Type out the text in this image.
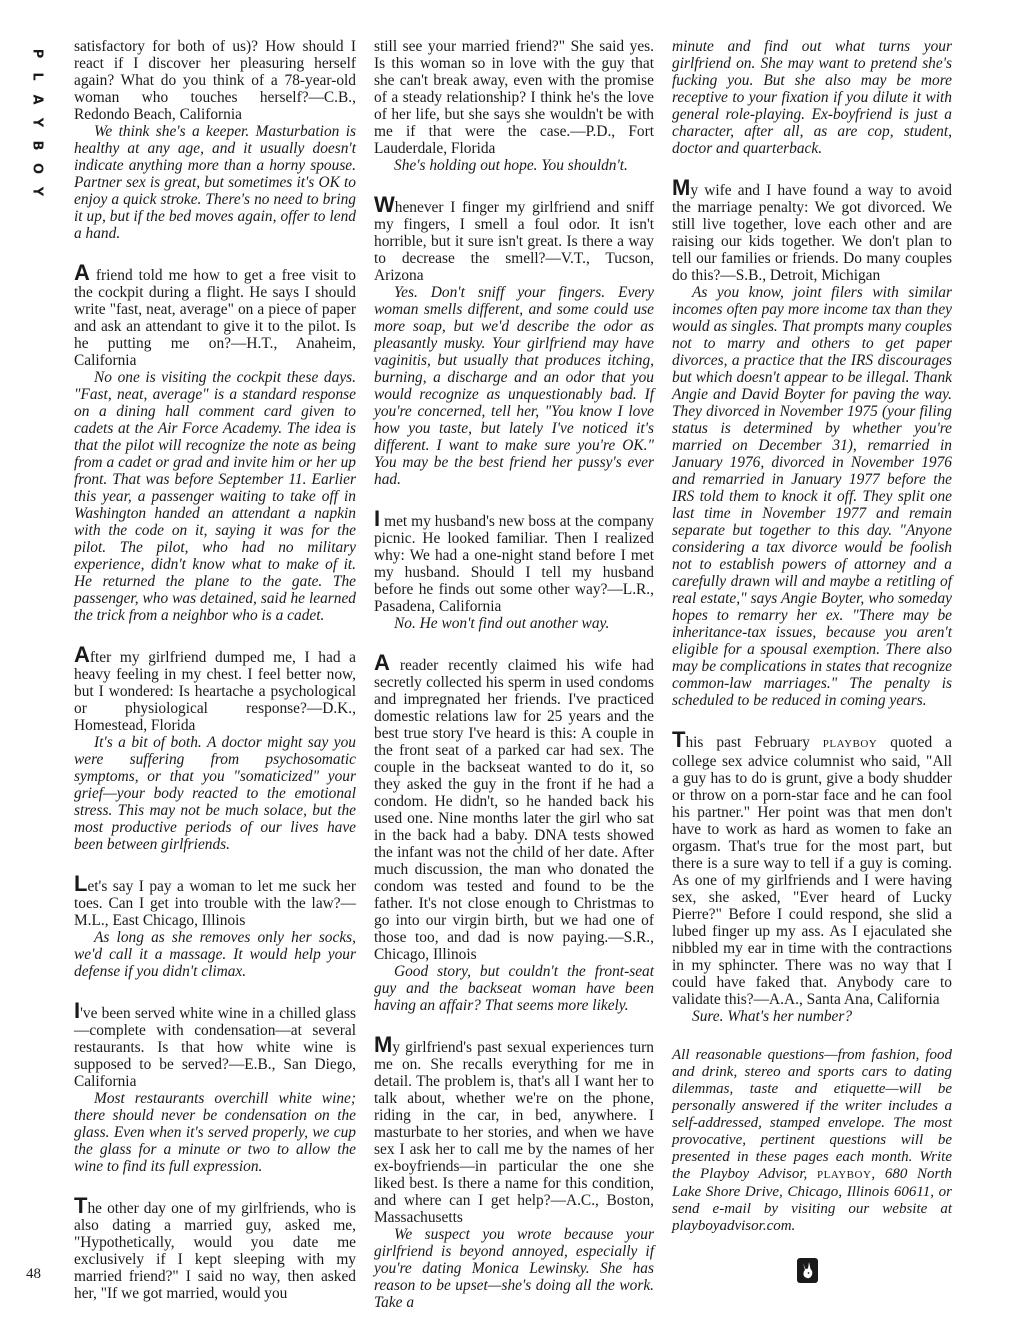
P
L
A
Y
B
O
Y
48

satisfactory for both of us)? How should I react if I discover her pleasuring herself again? What do you think of a 78-year-old woman who touches herself?—C.B., Redondo Beach, California

We think she's a keeper. Masturbation is healthy at any age, and it usually doesn't indicate anything more than a horny spouse. Partner sex is great, but sometimes it's OK to enjoy a quick stroke. There's no need to bring it up, but if the bed moves again, offer to lend a hand.

A friend told me how to get a free visit to the cockpit during a flight. He says I should write "fast, neat, average" on a piece of paper and ask an attendant to give it to the pilot. Is he putting me on?—H.T., Anaheim, California

No one is visiting the cockpit these days. "Fast, neat, average" is a standard response on a dining hall comment card given to cadets at the Air Force Academy. The idea is that the pilot will recognize the note as being from a cadet or grad and invite him or her up front. That was before September 11. Earlier this year, a passenger waiting to take off in Washington handed an attendant a napkin with the code on it, saying it was for the pilot. The pilot, who had no military experience, didn't know what to make of it. He returned the plane to the gate. The passenger, who was detained, said he learned the trick from a neighbor who is a cadet.

After my girlfriend dumped me, I had a heavy feeling in my chest. I feel better now, but I wondered: Is heartache a psychological or physiological response?—D.K., Homestead, Florida

It's a bit of both. A doctor might say you were suffering from psychosomatic symptoms, or that you "somaticized" your grief—your body reacted to the emotional stress. This may not be much solace, but the most productive periods of our lives have been between girlfriends.

Let's say I pay a woman to let me suck her toes. Can I get into trouble with the law?—M.L., East Chicago, Illinois

As long as she removes only her socks, we'd call it a massage. It would help your defense if you didn't climax.

I've been served white wine in a chilled glass—complete with condensation—at several restaurants. Is that how white wine is supposed to be served?—E.B., San Diego, California

Most restaurants overchill white wine; there should never be condensation on the glass. Even when it's served properly, we cup the glass for a minute or two to allow the wine to find its full expression.

The other day one of my girlfriends, who is also dating a married guy, asked me, "Hypothetically, would you date me exclusively if I kept sleeping with my married friend?" I said no way, then asked her, "If we got married, would you

still see your married friend?" She said yes. Is this woman so in love with the guy that she can't break away, even with the promise of a steady relationship? I think he's the love of her life, but she says she wouldn't be with me if that were the case.—P.D., Fort Lauderdale, Florida

She's holding out hope. You shouldn't.

Whenever I finger my girlfriend and sniff my fingers, I smell a foul odor. It isn't horrible, but it sure isn't great. Is there a way to decrease the smell?—V.T., Tucson, Arizona

Yes. Don't sniff your fingers. Every woman smells different, and some could use more soap, but we'd describe the odor as pleasantly musky. Your girlfriend may have vaginitis, but usually that produces itching, burning, a discharge and an odor that you would recognize as unquestionably bad. If you're concerned, tell her, "You know I love how you taste, but lately I've noticed it's different. I want to make sure you're OK." You may be the best friend her pussy's ever had.

I met my husband's new boss at the company picnic. He looked familiar. Then I realized why: We had a one-night stand before I met my husband. Should I tell my husband before he finds out some other way?—L.R., Pasadena, California

No. He won't find out another way.

A reader recently claimed his wife had secretly collected his sperm in used condoms and impregnated her friends. I've practiced domestic relations law for 25 years and the best true story I've heard is this: A couple in the front seat of a parked car had sex. The couple in the backseat wanted to do it, so they asked the guy in the front if he had a condom. He didn't, so he handed back his used one. Nine months later the girl who sat in the back had a baby. DNA tests showed the infant was not the child of her date. After much discussion, the man who donated the condom was tested and found to be the father. It's not close enough to Christmas to go into our virgin birth, but we had one of those too, and dad is now paying.—S.R., Chicago, Illinois

Good story, but couldn't the front-seat guy and the backseat woman have been having an affair? That seems more likely.

My girlfriend's past sexual experiences turn me on. She recalls everything for me in detail. The problem is, that's all I want her to talk about, whether we're on the phone, riding in the car, in bed, anywhere. I masturbate to her stories, and when we have sex I ask her to call me by the names of her ex-boyfriends—in particular the one she liked best. Is there a name for this condition, and where can I get help?—A.C., Boston, Massachusetts

We suspect you wrote because your girlfriend is beyond annoyed, especially if you're dating Monica Lewinsky. She has reason to be upset—she's doing all the work. Take a

minute and find out what turns your girlfriend on. She may want to pretend she's fucking you. But she also may be more receptive to your fixation if you dilute it with general role-playing. Ex-boyfriend is just a character, after all, as are cop, student, doctor and quarterback.

My wife and I have found a way to avoid the marriage penalty: We got divorced. We still live together, love each other and are raising our kids together. We don't plan to tell our families or friends. Do many couples do this?—S.B., Detroit, Michigan

As you know, joint filers with similar incomes often pay more income tax than they would as singles. That prompts many couples not to marry and others to get paper divorces, a practice that the IRS discourages but which doesn't appear to be illegal. Thank Angie and David Boyter for paving the way. They divorced in November 1975 (your filing status is determined by whether you're married on December 31), remarried in January 1976, divorced in November 1976 and remarried in January 1977 before the IRS told them to knock it off. They split one last time in November 1977 and remain separate but together to this day. "Anyone considering a tax divorce would be foolish not to establish powers of attorney and a carefully drawn will and maybe a retitling of real estate," says Angie Boyter, who someday hopes to remarry her ex. "There may be inheritance-tax issues, because you aren't eligible for a spousal exemption. There also may be complications in states that recognize common-law marriages." The penalty is scheduled to be reduced in coming years.

This past February PLAYBOY quoted a college sex advice columnist who said, "All a guy has to do is grunt, give a body shudder or throw on a porn-star face and he can fool his partner." Her point was that men don't have to work as hard as women to fake an orgasm. That's true for the most part, but there is a sure way to tell if a guy is coming. As one of my girlfriends and I were having sex, she asked, "Ever heard of Lucky Pierre?" Before I could respond, she slid a lubed finger up my ass. As I ejaculated she nibbled my ear in time with the contractions in my sphincter. There was no way that I could have faked that. Anybody care to validate this?—A.A., Santa Ana, California

Sure. What's her number?

All reasonable questions—from fashion, food and drink, stereo and sports cars to dating dilemmas, taste and etiquette—will be personally answered if the writer includes a self-addressed, stamped envelope. The most provocative, pertinent questions will be presented in these pages each month. Write the Playboy Advisor, PLAYBOY, 680 North Lake Shore Drive, Chicago, Illinois 60611, or send e-mail by visiting our website at playboyadvisor.com.
